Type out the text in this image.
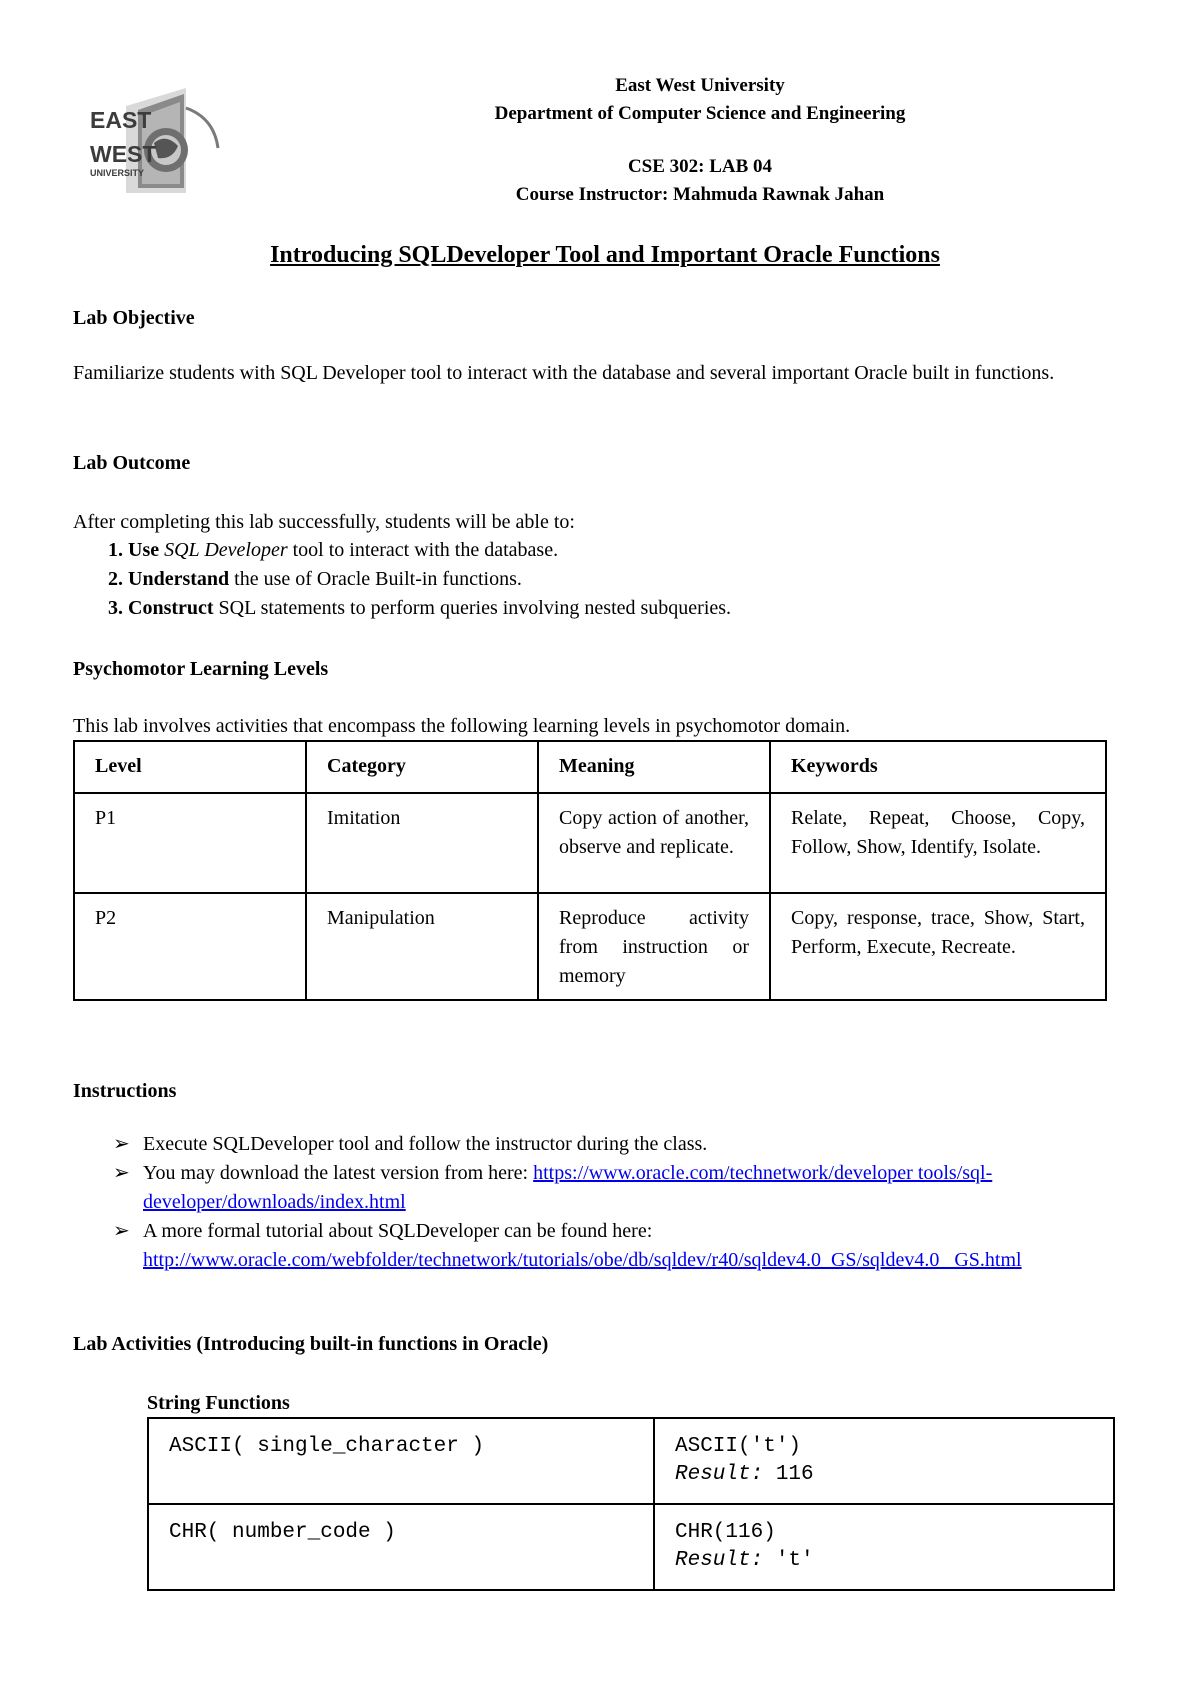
EAST
WEST
UNIVERSITY
East West University
Department of Computer Science and Engineering
CSE 302: LAB 04
Course Instructor: Mahmuda Rawnak Jahan
Introducing SQLDeveloper Tool and Important Oracle Functions
Lab Objective
Familiarize students with SQL Developer tool to interact with the database and several important Oracle built in functions.
Lab Outcome
After completing this lab successfully, students will be able to:
1. Use SQL Developer tool to interact with the database.
2. Understand the use of Oracle Built-in functions.
3. Construct SQL statements to perform queries involving nested subqueries.
Psychomotor Learning Levels
This lab involves activities that encompass the following learning levels in psychomotor domain.
Level	Category	Meaning	Keywords
P1	Imitation	Copy action of another, observe and replicate.	Relate, Repeat, Choose, Copy, Follow, Show, Identify, Isolate.
P2	Manipulation	Reproduce activity from instruction or memory	Copy, response, trace, Show, Start, Perform, Execute, Recreate.
Instructions
➢ Execute SQLDeveloper tool and follow the instructor during the class.
➢ You may download the latest version from here: https://www.oracle.com/technetwork/developer tools/sql-developer/downloads/index.html
➢ A more formal tutorial about SQLDeveloper can be found here:
http://www.oracle.com/webfolder/technetwork/tutorials/obe/db/sqldev/r40/sqldev4.0_GS/sqldev4.0_ GS.html
Lab Activities (Introducing built-in functions in Oracle)
String Functions
ASCII( single_character )	ASCII('t')
Result: 116
CHR( number_code )	CHR(116)
Result: 't'
